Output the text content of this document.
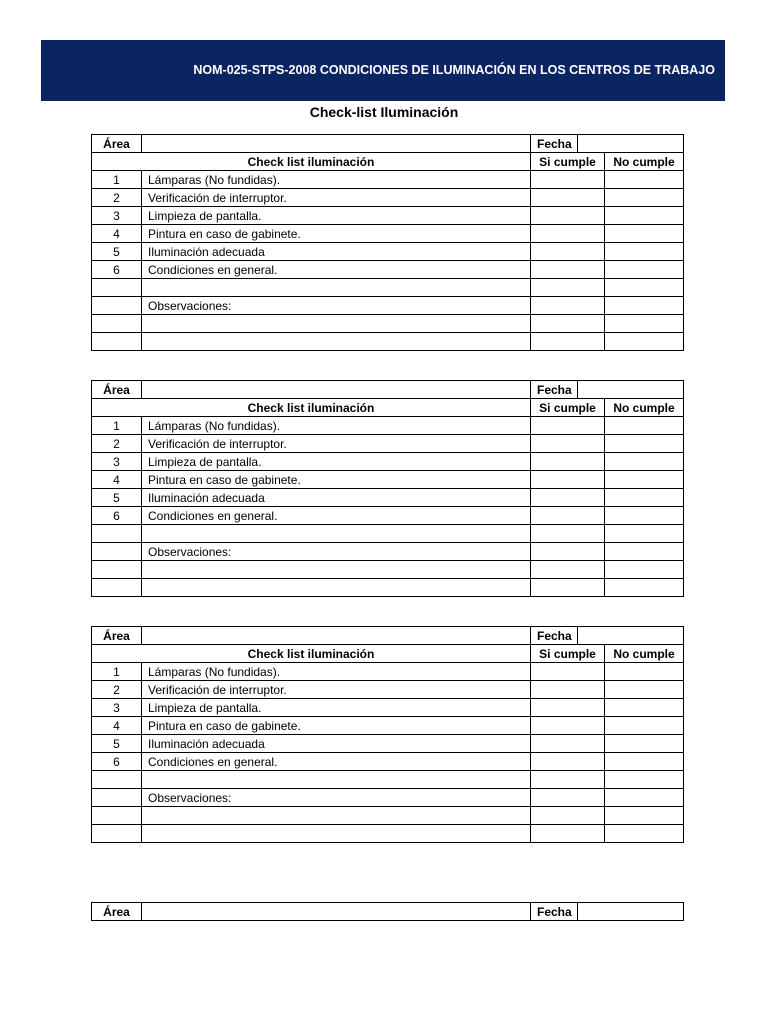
NOM-025-STPS-2008 CONDICIONES DE ILUMINACIÓN EN LOS CENTROS DE TRABAJO
Check-list Iluminación
Área		Fecha		
Check list iluminación		Si cumple		No cumple
1	Lámparas (No fundidas).			
2	Verificación de interruptor.			
3	Limpieza de pantalla.			
4	Pintura en caso de gabinete.			
5	Iluminación adecuada			
6	Condiciones en general.			

	Observaciones:			

Área		Fecha		
Check list iluminación		Si cumple		No cumple
1	Lámparas (No fundidas).			
2	Verificación de interruptor.			
3	Limpieza de pantalla.			
4	Pintura en caso de gabinete.			
5	Iluminación adecuada			
6	Condiciones en general.			

	Observaciones:			

Área		Fecha		
Check list iluminación		Si cumple		No cumple
1	Lámparas (No fundidas).			
2	Verificación de interruptor.			
3	Limpieza de pantalla.			
4	Pintura en caso de gabinete.			
5	Iluminación adecuada			
6	Condiciones en general.			

	Observaciones:			

Área		Fecha	
